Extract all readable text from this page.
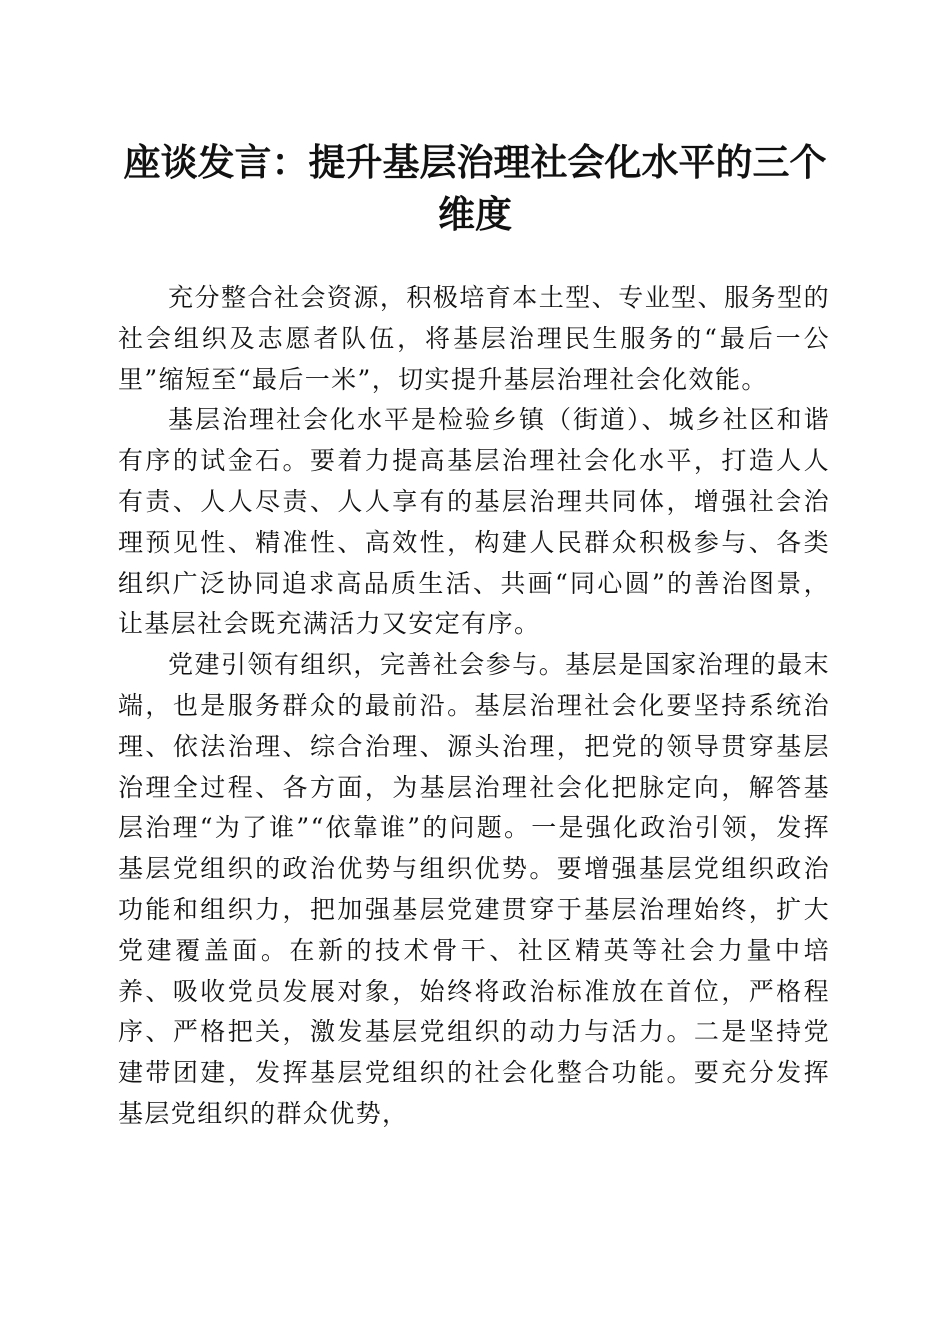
座谈发言：提升基层治理社会化水平的三个维度

充分整合社会资源，积极培育本土型、专业型、服务型的社会组织及志愿者队伍，将基层治理民生服务的“最后一公里”缩短至“最后一米”，切实提升基层治理社会化效能。

基层治理社会化水平是检验乡镇（街道）、城乡社区和谐有序的试金石。要着力提高基层治理社会化水平，打造人人有责、人人尽责、人人享有的基层治理共同体，增强社会治理预见性、精准性、高效性，构建人民群众积极参与、各类组织广泛协同追求高品质生活、共画“同心圆”的善治图景，让基层社会既充满活力又安定有序。

党建引领有组织，完善社会参与。基层是国家治理的最末端，也是服务群众的最前沿。基层治理社会化要坚持系统治理、依法治理、综合治理、源头治理，把党的领导贯穿基层治理全过程、各方面，为基层治理社会化把脉定向，解答基层治理“为了谁”“依靠谁”的问题。一是强化政治引领，发挥基层党组织的政治优势与组织优势。要增强基层党组织政治功能和组织力，把加强基层党建贯穿于基层治理始终，扩大党建覆盖面。在新的技术骨干、社区精英等社会力量中培养、吸收党员发展对象，始终将政治标准放在首位，严格程序、严格把关，激发基层党组织的动力与活力。二是坚持党建带团建，发挥基层党组织的社会化整合功能。要充分发挥基层党组织的群众优势，
